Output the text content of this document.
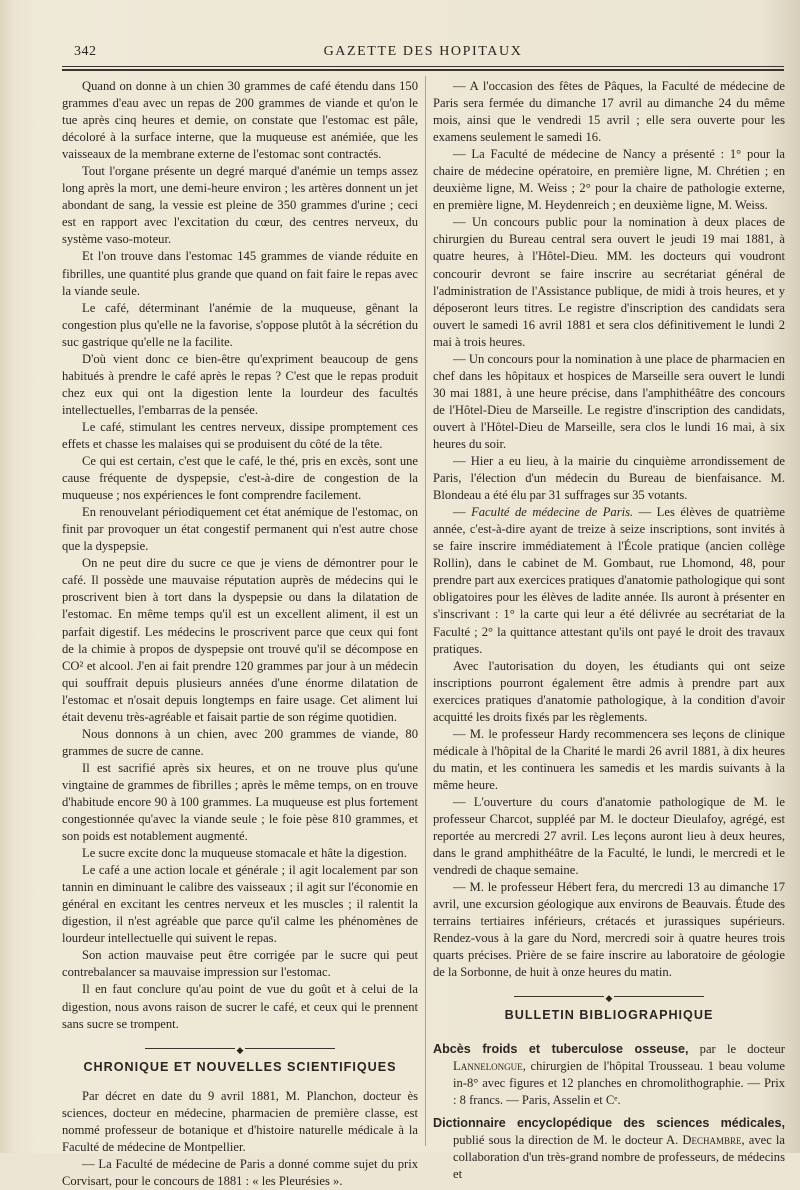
342	GAZETTE DES HOPITAUX

Quand on donne à un chien 30 grammes de café étendu dans 150 grammes d'eau avec un repas de 200 grammes de viande et qu'on le tue après cinq heures et demie, on constate que l'estomac est pâle, décoloré à la surface interne, que la muqueuse est anémiée, que les vaisseaux de la membrane externe de l'estomac sont contractés.

Tout l'organe présente un degré marqué d'anémie un temps assez long après la mort, une demi-heure environ ; les artères donnent un jet abondant de sang, la vessie est pleine de 350 grammes d'urine ; ceci est en rapport avec l'excitation du cœur, des centres nerveux, du système vaso-moteur.

Et l'on trouve dans l'estomac 145 grammes de viande réduite en fibrilles, une quantité plus grande que quand on fait faire le repas avec la viande seule.

Le café, déterminant l'anémie de la muqueuse, gênant la congestion plus qu'elle ne la favorise, s'oppose plutôt à la sécrétion du suc gastrique qu'elle ne la facilite.

D'où vient donc ce bien-être qu'expriment beaucoup de gens habitués à prendre le café après le repas ? C'est que le repas produit chez eux qui ont la digestion lente la lourdeur des facultés intellectuelles, l'embarras de la pensée.

Le café, stimulant les centres nerveux, dissipe promptement ces effets et chasse les malaises qui se produisent du côté de la tête.

Ce qui est certain, c'est que le café, le thé, pris en excès, sont une cause fréquente de dyspepsie, c'est-à-dire de congestion de la muqueuse ; nos expériences le font comprendre facilement.

En renouvelant périodiquement cet état anémique de l'estomac, on finit par provoquer un état congestif permanent qui n'est autre chose que la dyspepsie.

On ne peut dire du sucre ce que je viens de démontrer pour le café. Il possède une mauvaise réputation auprès de médecins qui le proscrivent bien à tort dans la dyspepsie ou dans la dilatation de l'estomac. En même temps qu'il est un excellent aliment, il est un parfait digestif. Les médecins le proscrivent parce que ceux qui font de la chimie à propos de dyspepsie ont trouvé qu'il se décompose en CO² et alcool. J'en ai fait prendre 120 grammes par jour à un médecin qui souffrait depuis plusieurs années d'une énorme dilatation de l'estomac et n'osait depuis longtemps en faire usage. Cet aliment lui était devenu très-agréable et faisait partie de son régime quotidien.

Nous donnons à un chien, avec 200 grammes de viande, 80 grammes de sucre de canne.

Il est sacrifié après six heures, et on ne trouve plus qu'une vingtaine de grammes de fibrilles ; après le même temps, on en trouve d'habitude encore 90 à 100 grammes. La muqueuse est plus fortement congestionnée qu'avec la viande seule ; le foie pèse 810 grammes, et son poids est notablement augmenté.

Le sucre excite donc la muqueuse stomacale et hâte la digestion.

Le café a une action locale et générale ; il agit localement par son tannin en diminuant le calibre des vaisseaux ; il agit sur l'économie en général en excitant les centres nerveux et les muscles ; il ralentit la digestion, il n'est agréable que parce qu'il calme les phénomènes de lourdeur intellectuelle qui suivent le repas.

Son action mauvaise peut être corrigée par le sucre qui peut contrebalancer sa mauvaise impression sur l'estomac.

Il en faut conclure qu'au point de vue du goût et à celui de la digestion, nous avons raison de sucrer le café, et ceux qui le prennent sans sucre se trompent.

◆
CHRONIQUE ET NOUVELLES SCIENTIFIQUES

Par décret en date du 9 avril 1881, M. Planchon, docteur ès sciences, docteur en médecine, pharmacien de première classe, est nommé professeur de botanique et d'histoire naturelle médicale à la Faculté de médecine de Montpellier.

— La Faculté de médecine de Paris a donné comme sujet du prix Corvisart, pour le concours de 1881 : « les Pleurésies ».

— A l'occasion des fêtes de Pâques, la Faculté de médecine de Paris sera fermée du dimanche 17 avril au dimanche 24 du même mois, ainsi que le vendredi 15 avril ; elle sera ouverte pour les examens seulement le samedi 16.

— La Faculté de médecine de Nancy a présenté : 1° pour la chaire de médecine opératoire, en première ligne, M. Chrétien ; en deuxième ligne, M. Weiss ; 2° pour la chaire de pathologie externe, en première ligne, M. Heydenreich ; en deuxième ligne, M. Weiss.

— Un concours public pour la nomination à deux places de chirurgien du Bureau central sera ouvert le jeudi 19 mai 1881, à quatre heures, à l'Hôtel-Dieu. MM. les docteurs qui voudront concourir devront se faire inscrire au secrétariat général de l'administration de l'Assistance publique, de midi à trois heures, et y déposeront leurs titres. Le registre d'inscription des candidats sera ouvert le samedi 16 avril 1881 et sera clos définitivement le lundi 2 mai à trois heures.

— Un concours pour la nomination à une place de pharmacien en chef dans les hôpitaux et hospices de Marseille sera ouvert le lundi 30 mai 1881, à une heure précise, dans l'amphithéâtre des concours de l'Hôtel-Dieu de Marseille. Le registre d'inscription des candidats, ouvert à l'Hôtel-Dieu de Marseille, sera clos le lundi 16 mai, à six heures du soir.

— Hier a eu lieu, à la mairie du cinquième arrondissement de Paris, l'élection d'un médecin du Bureau de bienfaisance. M. Blondeau a été élu par 31 suffrages sur 35 votants.

— Faculté de médecine de Paris. — Les élèves de quatrième année, c'est-à-dire ayant de treize à seize inscriptions, sont invités à se faire inscrire immédiatement à l'École pratique (ancien collège Rollin), dans le cabinet de M. Gombaut, rue Lhomond, 48, pour prendre part aux exercices pratiques d'anatomie pathologique qui sont obligatoires pour les élèves de ladite année. Ils auront à présenter en s'inscrivant : 1° la carte qui leur a été délivrée au secrétariat de la Faculté ; 2° la quittance attestant qu'ils ont payé le droit des travaux pratiques.

Avec l'autorisation du doyen, les étudiants qui ont seize inscriptions pourront également être admis à prendre part aux exercices pratiques d'anatomie pathologique, à la condition d'avoir acquitté les droits fixés par les règlements.

— M. le professeur Hardy recommencera ses leçons de clinique médicale à l'hôpital de la Charité le mardi 26 avril 1881, à dix heures du matin, et les continuera les samedis et les mardis suivants à la même heure.

— L'ouverture du cours d'anatomie pathologique de M. le professeur Charcot, suppléé par M. le docteur Dieulafoy, agrégé, est reportée au mercredi 27 avril. Les leçons auront lieu à deux heures, dans le grand amphithéâtre de la Faculté, le lundi, le mercredi et le vendredi de chaque semaine.

— M. le professeur Hébert fera, du mercredi 13 au dimanche 17 avril, une excursion géologique aux environs de Beauvais. Étude des terrains tertiaires inférieurs, crétacés et jurassiques supérieurs. Rendez-vous à la gare du Nord, mercredi soir à quatre heures trois quarts précises. Prière de se faire inscrire au laboratoire de géologie de la Sorbonne, de huit à onze heures du matin.

◆
BULLETIN BIBLIOGRAPHIQUE

Abcès froids et tuberculose osseuse, par le docteur Lannelongue, chirurgien de l'hôpital Trousseau. 1 beau volume in-8° avec figures et 12 planches en chromolithographie. — Prix : 8 francs. — Paris, Asselin et Cᵉ.

Dictionnaire encyclopédique des sciences médicales, publié sous la direction de M. le docteur A. Dechambre, avec la collaboration d'un très-grand nombre de professeurs, de médecins et
